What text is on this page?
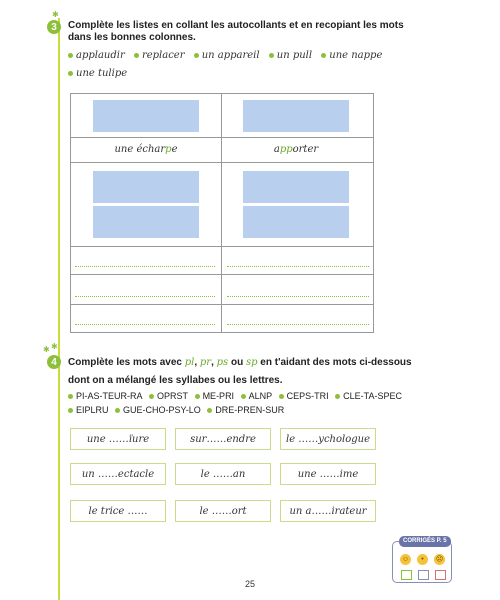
✱
3	Complète les listes en collant les autocollants et en recopiant les mots
dans les bonnes colonnes.
applaudir replacer un appareil un pull une nappe
une tulipe
une écharpe	apporter
✱ ✱
4	Complète les mots avec pl, pr, ps ou sp en t'aidant des mots ci-dessous
dont on a mélangé les syllabes ou les lettres.
PI-AS-TEUR-RA OPRST ME-PRI ALNP CEPS-TRI CLE-TA-SPEC
EIPLRU GUE-CHO-PSY-LO DRE-PREN-SUR
une ……ïure	sur……endre	le ……ychologue
un ……ectacle	le ……an	une ……ime
le trice ……	le ……ort	un a……irateur
CORRIGÉS P. 5
☺	•	☹
25
